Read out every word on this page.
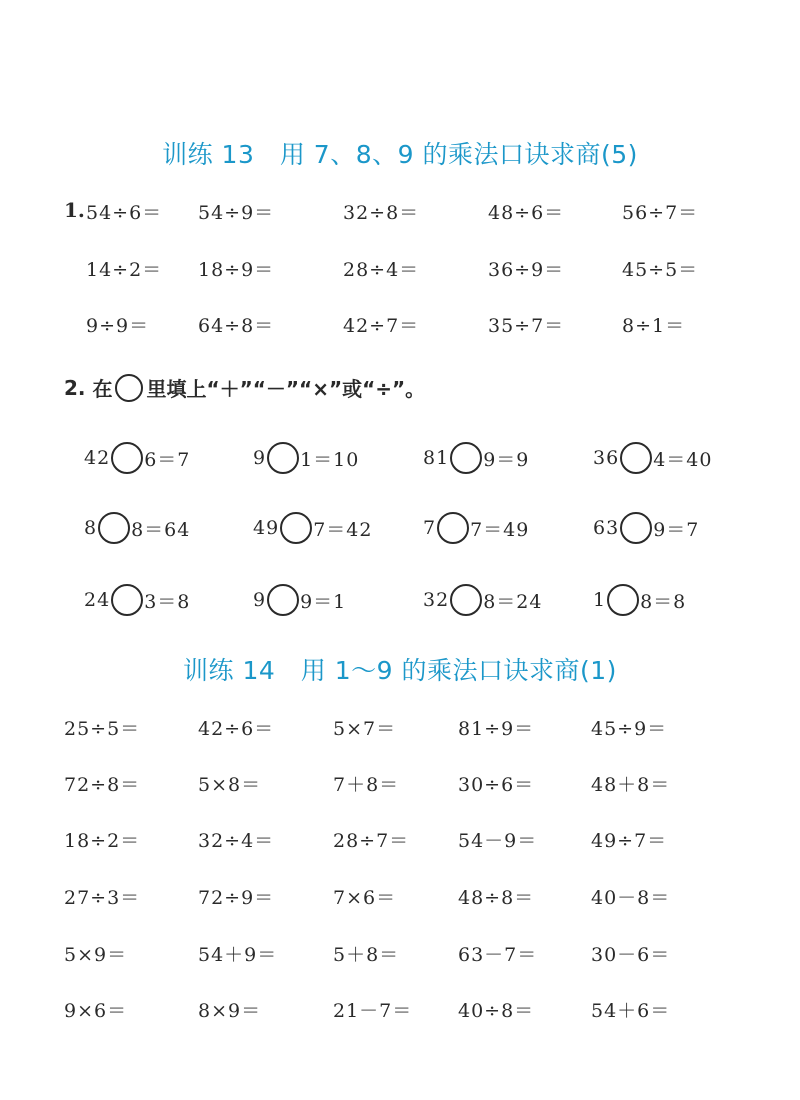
训练 13　用 7、8、9 的乘法口诀求商(5)
1. 54÷6＝ 54÷9＝	32÷8＝	48÷6＝	56÷7＝
14÷2＝ 18÷9＝	28÷4＝	36÷9＝	45÷5＝
9÷9＝	64÷8＝	42÷7＝	35÷7＝	8÷1＝
2. 在 里填上“＋”“－”“×”或“÷”。
42 6＝7	9 1＝10	81 9＝9	36 4＝40
8 8＝64	49 7＝42	7 7＝49	63 9＝7
24 3＝8	9 9＝1	32 8＝24	1 8＝8
训练 14　用 1～9 的乘法口诀求商(1)
25÷5＝	42÷6＝	5×7＝	81÷9＝	45÷9＝
72÷8＝	5×8＝	7＋8＝	30÷6＝	48＋8＝
18÷2＝	32÷4＝	28÷7＝	54－9＝	49÷7＝
27÷3＝	72÷9＝	7×6＝	48÷8＝	40－8＝
5×9＝	54＋9＝	5＋8＝	63－7＝	30－6＝
9×6＝	8×9＝	21－7＝ 40÷8＝	54＋6＝
